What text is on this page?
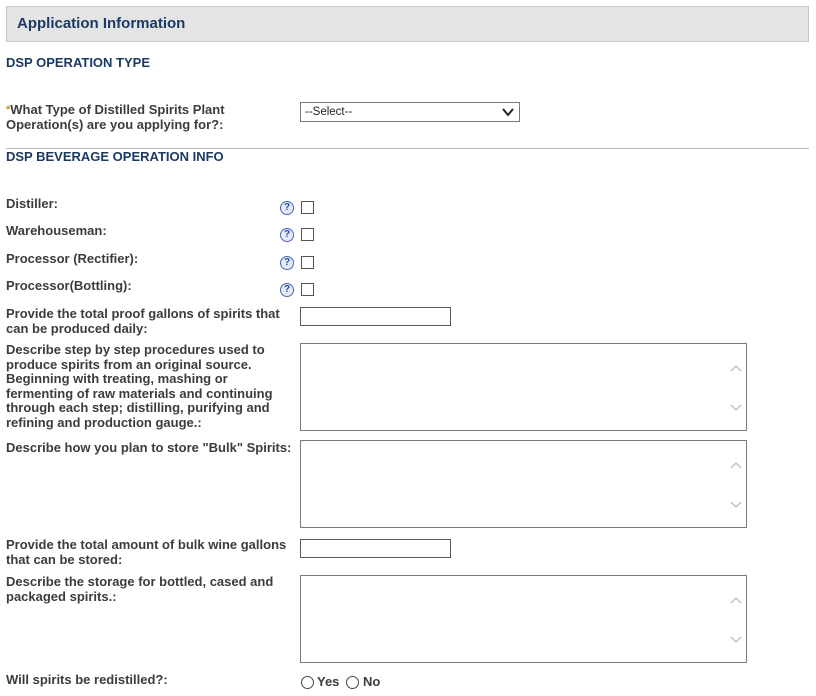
Application Information
DSP OPERATION TYPE
*What Type of Distilled Spirits Plant Operation(s) are you applying for?:
--Select--
DSP BEVERAGE OPERATION INFO
Distiller:	?
Warehouseman:	?
Processor (Rectifier):	?
Processor(Bottling):	?
Provide the total proof gallons of spirits that can be produced daily:
Describe step by step procedures used to produce spirits from an original source. Beginning with treating, mashing or fermenting of raw materials and continuing through each step; distilling, purifying and refining and production gauge.:
Describe how you plan to store "Bulk" Spirits:
Provide the total amount of bulk wine gallons that can be stored:
Describe the storage for bottled, cased and packaged spirits.:
Will spirits be redistilled?:	Yes No
